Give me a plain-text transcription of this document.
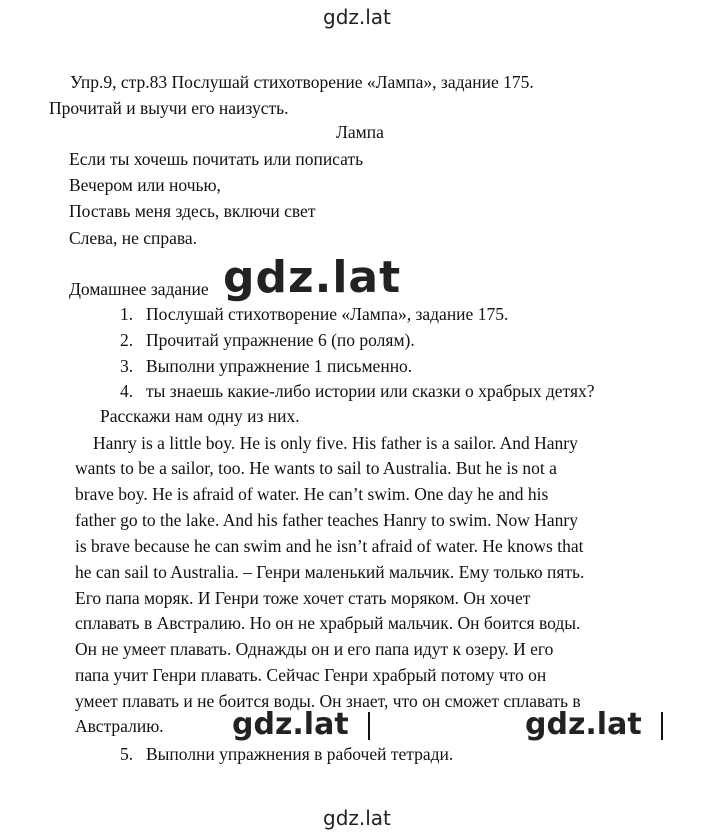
gdz.lat
gdz.lat
gdz.lat	gdz.lat
gdz.lat
Упр.9, стр.83 Послушай стихотворение «Лампа», задание 175.
Прочитай и выучи его наизусть.
Лампа
Если ты хочешь почитать или пописать
Вечером или ночью,
Поставь меня здесь, включи свет
Слева, не справа.
Домашнее задание
1. Послушай стихотворение «Лампа», задание 175.
2. Прочитай упражнение 6 (по ролям).
3. Выполни упражнение 1 письменно.
4. ты знаешь какие-либо истории или сказки о храбрых детях?
Расскажи нам одну из них.
Hanry is a little boy. He is only five. His father is a sailor. And Hanry
wants to be a sailor, too. He wants to sail to Australia. But he is not a
brave boy. He is afraid of water. He can’t swim. One day he and his
father go to the lake. And his father teaches Hanry to swim. Now Hanry
is brave because he can swim and he isn’t afraid of water. He knows that
he can sail to Australia. – Генри маленький мальчик. Ему только пять.
Его папа моряк. И Генри тоже хочет стать моряком. Он хочет
сплавать в Австралию. Но он не храбрый мальчик. Он боится воды.
Он не умеет плавать. Однажды он и его папа идут к озеру. И его
папа учит Генри плавать. Сейчас Генри храбрый потому что он
умеет плавать и не боится воды. Он знает, что он сможет сплавать в
Австралию.
5. Выполни упражнения в рабочей тетради.
